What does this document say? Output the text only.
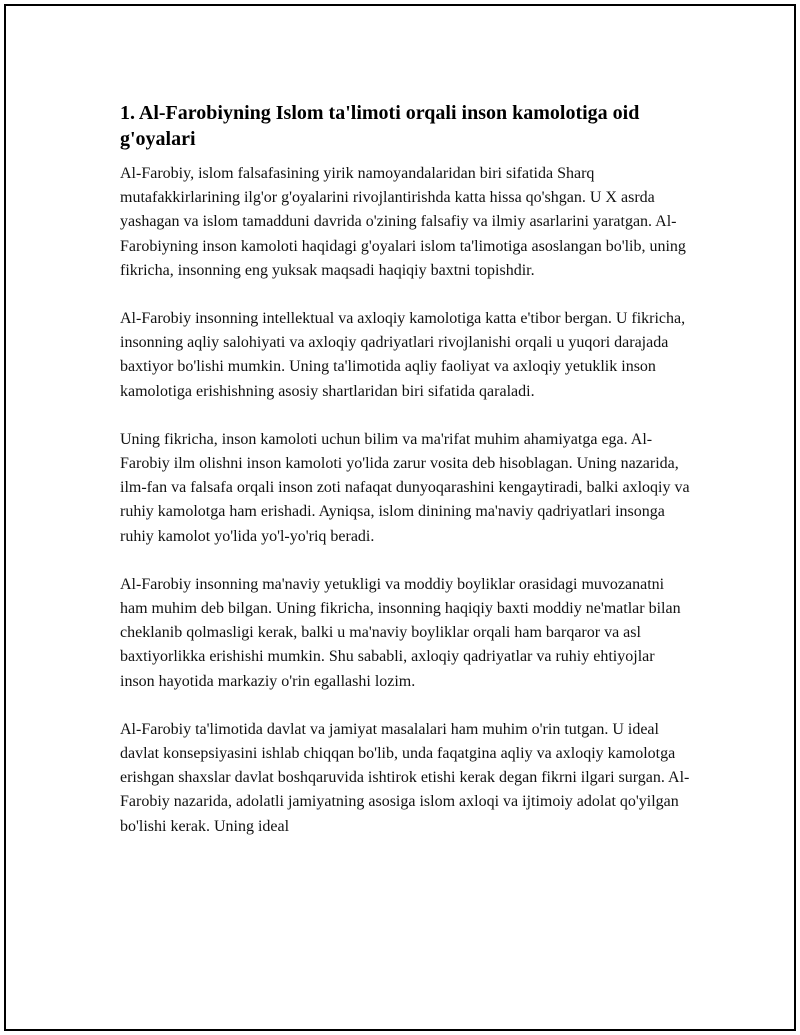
1. Al-Farobiyning Islom ta'limoti orqali inson kamolotiga oid g'oyalari

Al-Farobiy, islom falsafasining yirik namoyandalaridan biri sifatida Sharq mutafakkirlarining ilg'or g'oyalarini rivojlantirishda katta hissa qo'shgan. U X asrda yashagan va islom tamadduni davrida o'zining falsafiy va ilmiy asarlarini yaratgan. Al-Farobiyning inson kamoloti haqidagi g'oyalari islom ta'limotiga asoslangan bo'lib, uning fikricha, insonning eng yuksak maqsadi haqiqiy baxtni topishdir.

Al-Farobiy insonning intellektual va axloqiy kamolotiga katta e'tibor bergan. U fikricha, insonning aqliy salohiyati va axloqiy qadriyatlari rivojlanishi orqali u yuqori darajada baxtiyor bo'lishi mumkin. Uning ta'limotida aqliy faoliyat va axloqiy yetuklik inson kamolotiga erishishning asosiy shartlaridan biri sifatida qaraladi.

Uning fikricha, inson kamoloti uchun bilim va ma'rifat muhim ahamiyatga ega. Al-Farobiy ilm olishni inson kamoloti yo'lida zarur vosita deb hisoblagan. Uning nazarida, ilm-fan va falsafa orqali inson zoti nafaqat dunyoqarashini kengaytiradi, balki axloqiy va ruhiy kamolotga ham erishadi. Ayniqsa, islom dinining ma'naviy qadriyatlari insonga ruhiy kamolot yo'lida yo'l-yo'riq beradi.

Al-Farobiy insonning ma'naviy yetukligi va moddiy boyliklar orasidagi muvozanatni ham muhim deb bilgan. Uning fikricha, insonning haqiqiy baxti moddiy ne'matlar bilan cheklanib qolmasligi kerak, balki u ma'naviy boyliklar orqali ham barqaror va asl baxtiyorlikka erishishi mumkin. Shu sababli, axloqiy qadriyatlar va ruhiy ehtiyojlar inson hayotida markaziy o'rin egallashi lozim.

Al-Farobiy ta'limotida davlat va jamiyat masalalari ham muhim o'rin tutgan. U ideal davlat konsepsiyasini ishlab chiqqan bo'lib, unda faqatgina aqliy va axloqiy kamolotga erishgan shaxslar davlat boshqaruvida ishtirok etishi kerak degan fikrni ilgari surgan. Al-Farobiy nazarida, adolatli jamiyatning asosiga islom axloqi va ijtimoiy adolat qo'yilgan bo'lishi kerak. Uning ideal
